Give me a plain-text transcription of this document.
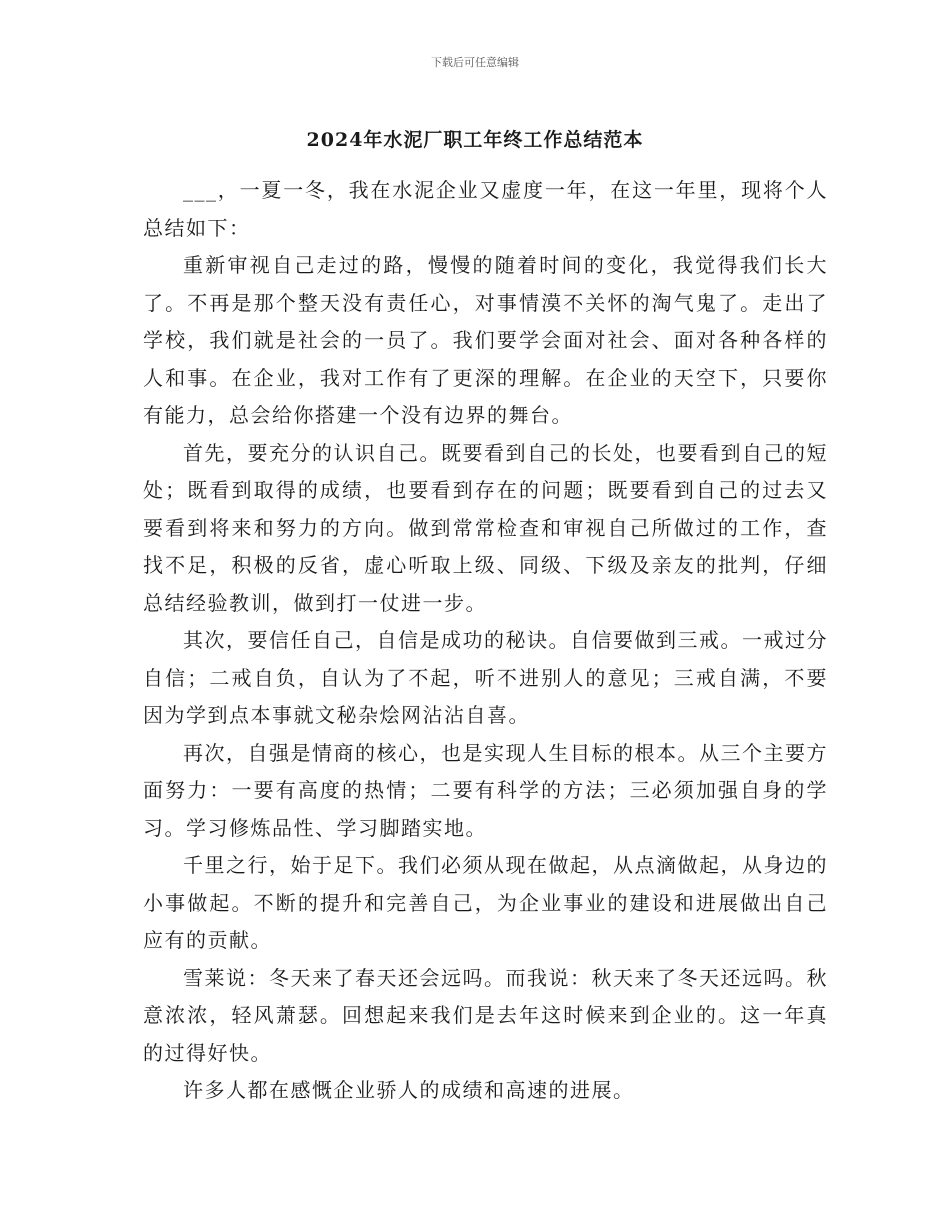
下载后可任意编辑
2024年水泥厂职工年终工作总结范本

___，一夏一冬，我在水泥企业又虚度一年，在这一年里，现将个人总结如下：

重新审视自己走过的路，慢慢的随着时间的变化，我觉得我们长大了。不再是那个整天没有责任心，对事情漠不关怀的淘气鬼了。走出了学校，我们就是社会的一员了。我们要学会面对社会、面对各种各样的人和事。在企业，我对工作有了更深的理解。在企业的天空下，只要你有能力，总会给你搭建一个没有边界的舞台。

首先，要充分的认识自己。既要看到自己的长处，也要看到自己的短处；既看到取得的成绩，也要看到存在的问题；既要看到自己的过去又要看到将来和努力的方向。做到常常检查和审视自己所做过的工作，查找不足，积极的反省，虚心听取上级、同级、下级及亲友的批判，仔细总结经验教训，做到打一仗进一步。

其次，要信任自己，自信是成功的秘诀。自信要做到三戒。一戒过分自信；二戒自负，自认为了不起，听不进别人的意见；三戒自满，不要因为学到点本事就文秘杂烩网沾沾自喜。

再次，自强是情商的核心，也是实现人生目标的根本。从三个主要方面努力：一要有高度的热情；二要有科学的方法；三必须加强自身的学习。学习修炼品性、学习脚踏实地。

千里之行，始于足下。我们必须从现在做起，从点滴做起，从身边的小事做起。不断的提升和完善自己，为企业事业的建设和进展做出自己应有的贡献。

雪莱说：冬天来了春天还会远吗。而我说：秋天来了冬天还远吗。秋意浓浓，轻风萧瑟。回想起来我们是去年这时候来到企业的。这一年真的过得好快。

许多人都在感慨企业骄人的成绩和高速的进展。
